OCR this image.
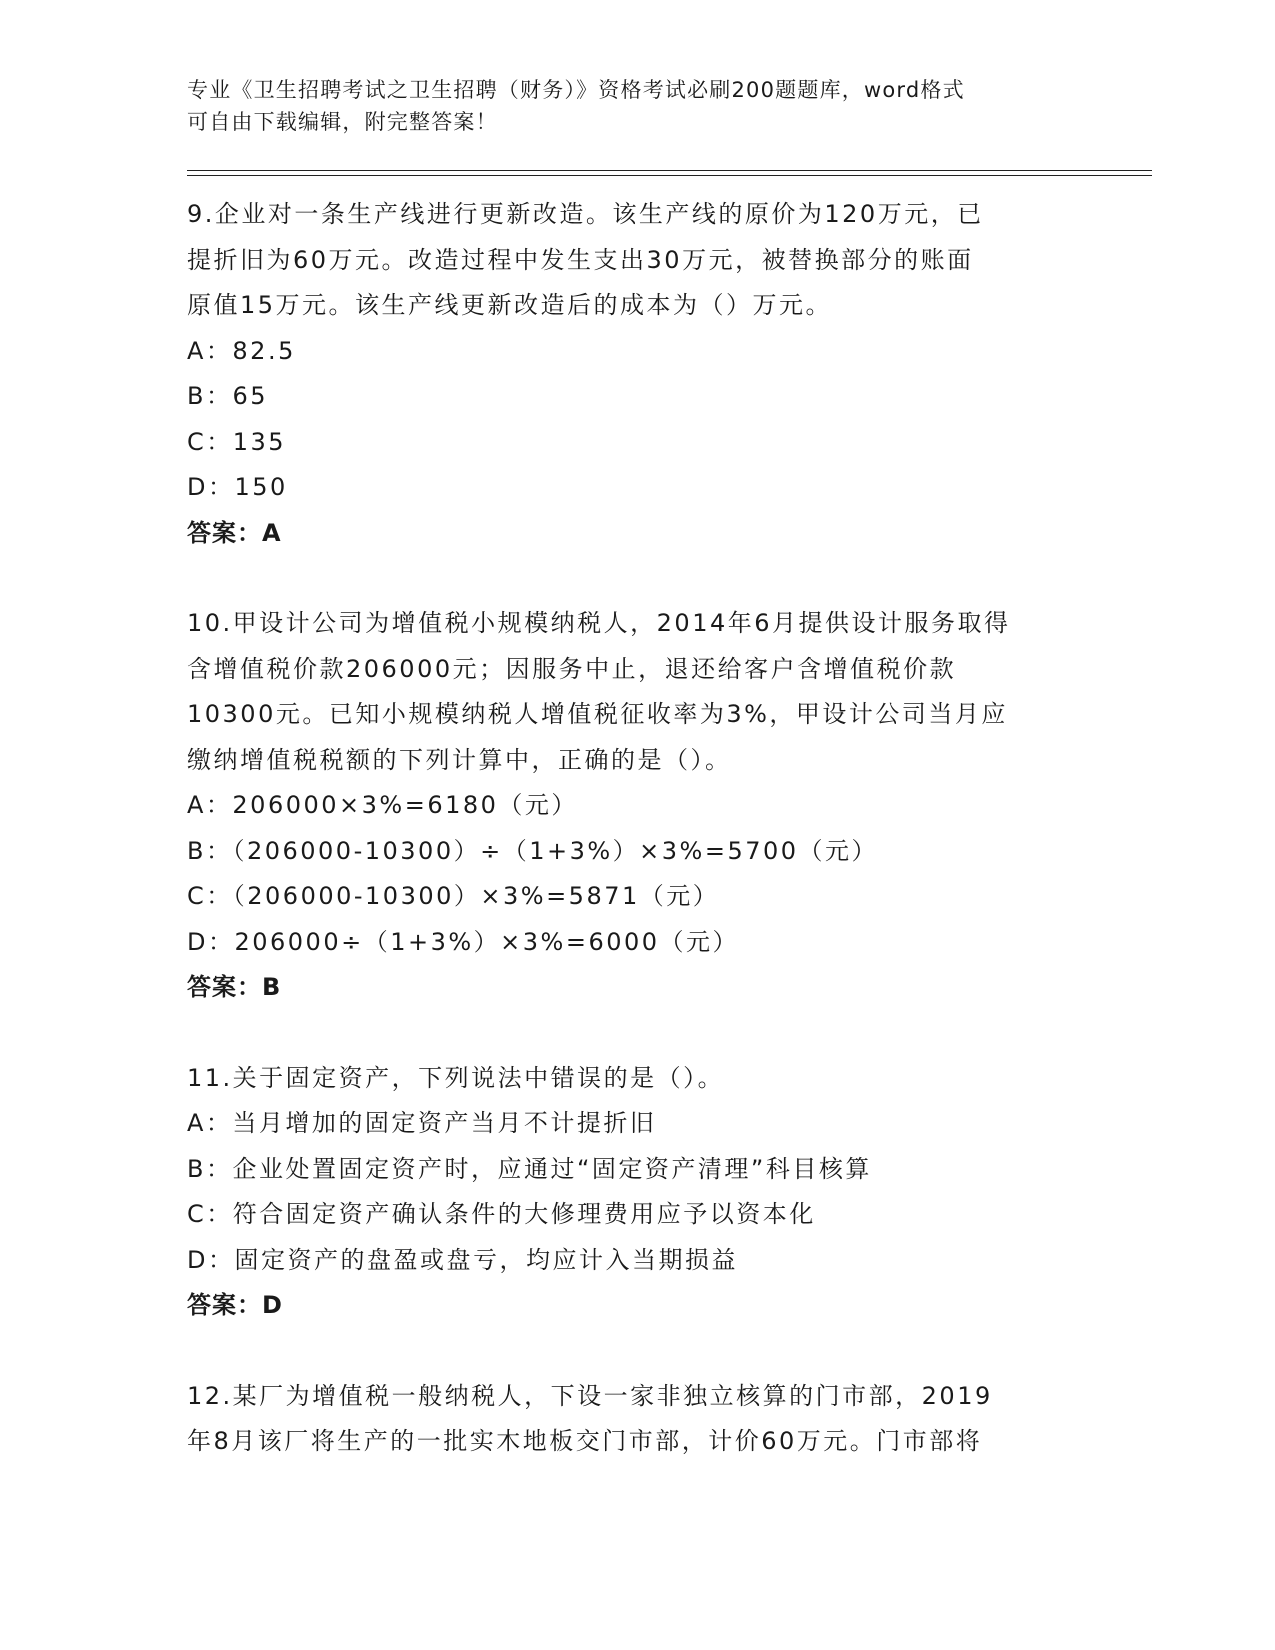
专业《卫生招聘考试之卫生招聘（财务）》资格考试必刷200题题库，word格式

可自由下载编辑，附完整答案！

9.企业对一条生产线进行更新改造。该生产线的原价为120万元，已

提折旧为60万元。改造过程中发生支出30万元，被替换部分的账面

原值15万元。该生产线更新改造后的成本为（）万元。

A：82.5

B：65

C：135

D：150

答案：A

10.甲设计公司为增值税小规模纳税人，2014年6月提供设计服务取得

含增值税价款206000元；因服务中止，退还给客户含增值税价款

10300元。已知小规模纳税人增值税征收率为3%，甲设计公司当月应

缴纳增值税税额的下列计算中，正确的是（）。

A：206000×3%=6180（元）

B：（206000-10300）÷（1+3%）×3%=5700（元）

C：（206000-10300）×3%=5871（元）

D：206000÷（1+3%）×3%=6000（元）

答案：B

11.关于固定资产，下列说法中错误的是（）。

A：当月增加的固定资产当月不计提折旧

B：企业处置固定资产时，应通过“固定资产清理”科目核算

C：符合固定资产确认条件的大修理费用应予以资本化

D：固定资产的盘盈或盘亏，均应计入当期损益

答案：D

12.某厂为增值税一般纳税人，下设一家非独立核算的门市部，2019

年8月该厂将生产的一批实木地板交门市部，计价60万元。门市部将
